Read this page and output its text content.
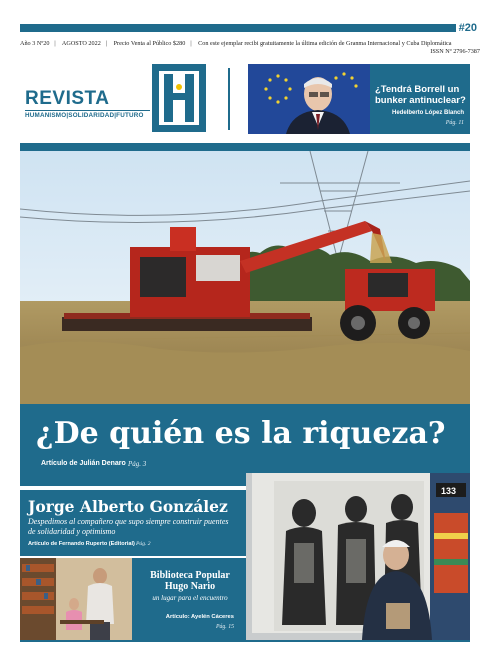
#20
Año 3 Nº20 | AGOSTO 2022 | Precio Venta al Público $280 | Con este ejemplar recibi gratuitamente la última edición de Granma Internacional y Cuba Diplomática
ISSN Nº 2796-7387
REVISTA
HUMANISMO|SOLIDARIDAD|FUTURO
¿Tendrá Borrell un bunker antinuclear?
Hedelberto López Blanch
Pág. 11
¿De quién es la riqueza?
Artículo de Julián Denaro Pág. 3
Jorge Alberto González
Despedimos al compañero que supo siempre construir puentes de solidaridad y optimismo
Artículo de Fernando Ruperto (Editorial) Pág. 2
Biblioteca Popular
Hugo Nario
un lugar para el encuentro
Artículo: Ayelén Cáceres
Pág. 15
133
